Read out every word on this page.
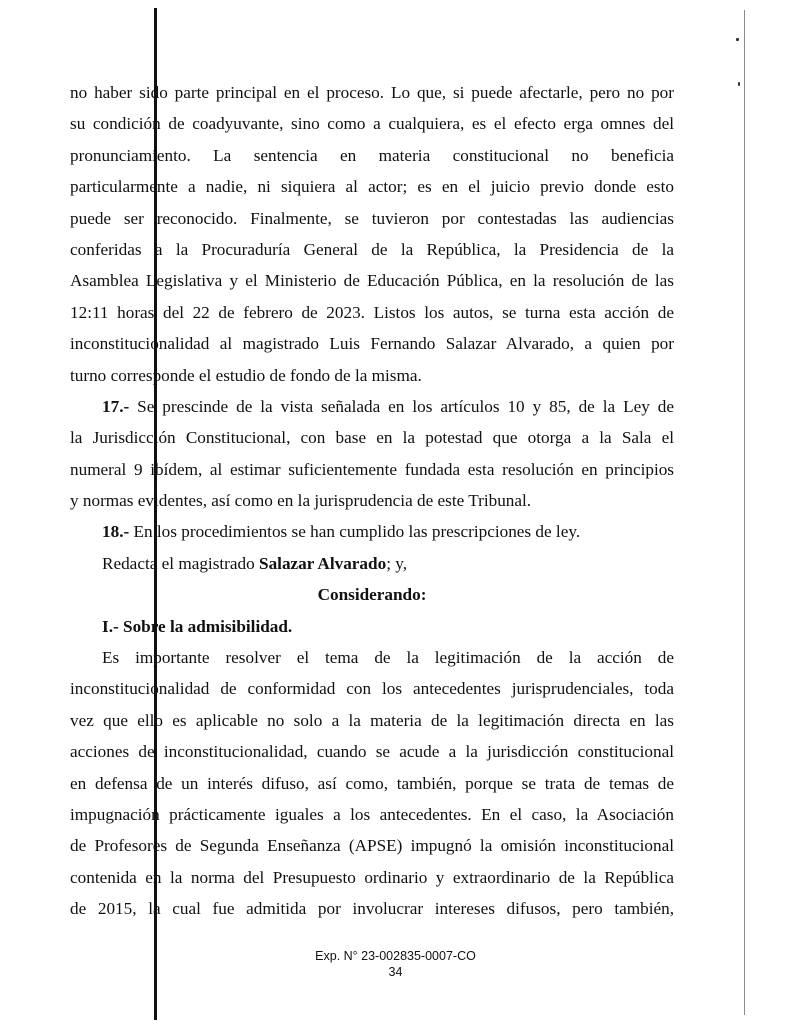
no haber sido parte principal en el proceso. Lo que, si puede afectarle, pero no por
su condición de coadyuvante, sino como a cualquiera, es el efecto erga omnes del
pronunciamiento. La sentencia en materia constitucional no beneficia
particularmente a nadie, ni siquiera al actor; es en el juicio previo donde esto
puede ser reconocido. Finalmente, se tuvieron por contestadas las audiencias
conferidas a la Procuraduría General de la República, la Presidencia de la
Asamblea Legislativa y el Ministerio de Educación Pública, en la resolución de las
12:11 horas del 22 de febrero de 2023. Listos los autos, se turna esta acción de
inconstitucionalidad al magistrado Luis Fernando Salazar Alvarado, a quien por
turno corresponde el estudio de fondo de la misma.
17.- Se prescinde de la vista señalada en los artículos 10 y 85, de la Ley de
la Jurisdicción Constitucional, con base en la potestad que otorga a la Sala el
numeral 9 ibídem, al estimar suficientemente fundada esta resolución en principios
y normas evidentes, así como en la jurisprudencia de este Tribunal.
18.- En los procedimientos se han cumplido las prescripciones de ley.
Redacta el magistrado Salazar Alvarado; y,
Considerando:
I.- Sobre la admisibilidad.
Es importante resolver el tema de la legitimación de la acción de
inconstitucionalidad de conformidad con los antecedentes jurisprudenciales, toda
vez que ello es aplicable no solo a la materia de la legitimación directa en las
acciones de inconstitucionalidad, cuando se acude a la jurisdicción constitucional
en defensa de un interés difuso, así como, también, porque se trata de temas de
impugnación prácticamente iguales a los antecedentes. En el caso, la Asociación
de Profesores de Segunda Enseñanza (APSE) impugnó la omisión inconstitucional
contenida en la norma del Presupuesto ordinario y extraordinario de la República
de 2015, la cual fue admitida por involucrar intereses difusos, pero también,
Exp. N° 23-002835-0007-CO
34
